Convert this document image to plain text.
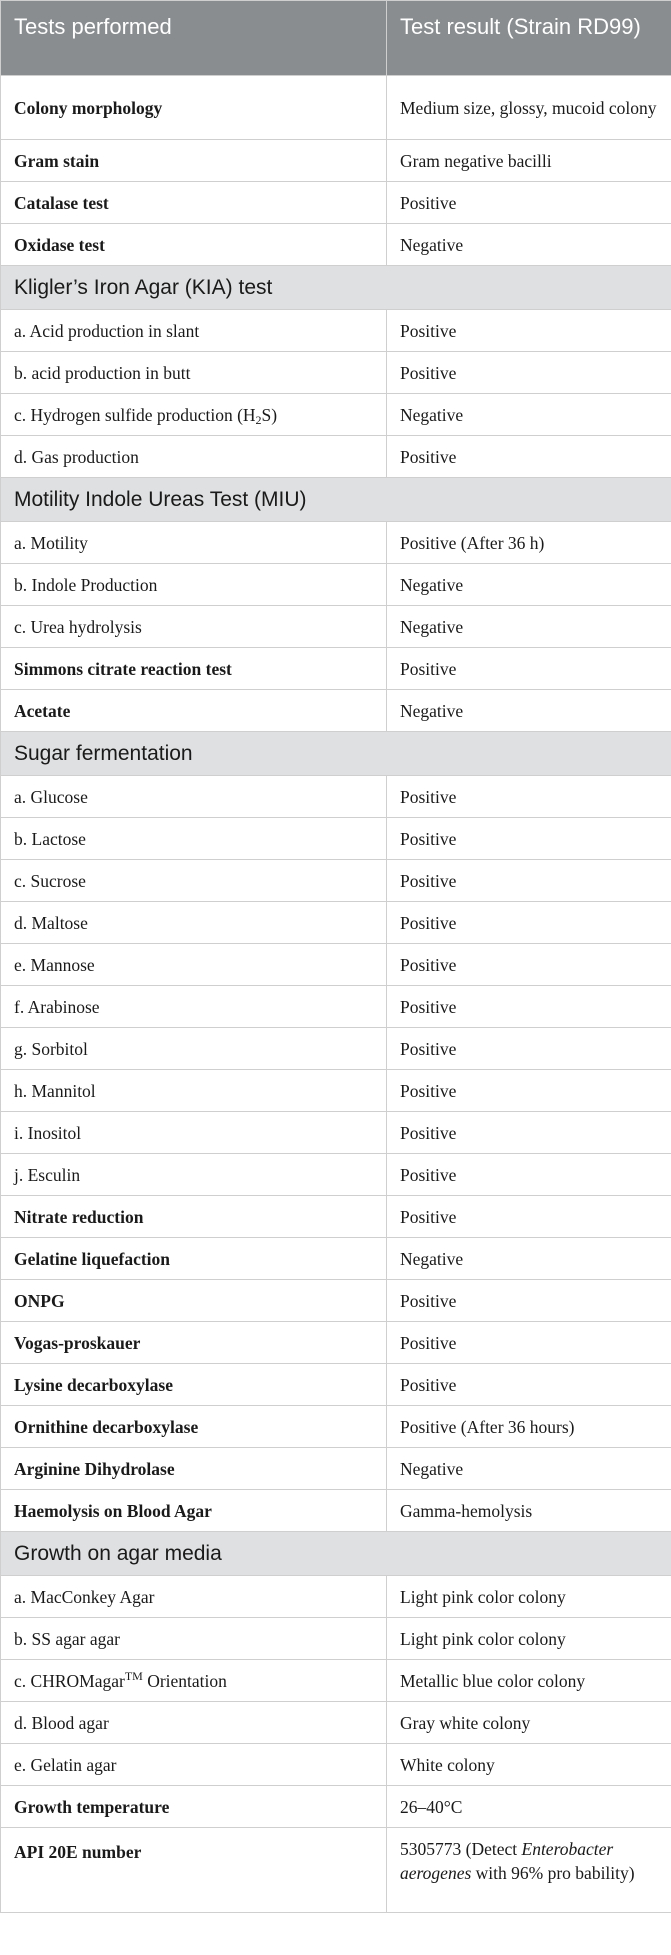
Tests performed	Test result (Strain RD99)
Colony morphology	Medium size, glossy, mucoid colony
Gram stain	Gram negative bacilli
Catalase test	Positive
Oxidase test	Negative
Kligler’s Iron Agar (KIA) test	
a. Acid production in slant	Positive
b. acid production in butt	Positive
c. Hydrogen sulfide production $(H_2S)$	Negative
d. Gas production	Positive
Motility Indole Ureas Test (MIU)	
a. Motility	Positive (After 36 h)
b. Indole Production	Negative
c. Urea hydrolysis	Negative
Simmons citrate reaction test	Positive
Acetate	Negative
Sugar fermentation	
a. Glucose	Positive
b. Lactose	Positive
c. Sucrose	Positive
d. Maltose	Positive
e. Mannose	Positive
f. Arabinose	Positive
g. Sorbitol	Positive
h. Mannitol	Positive
i. Inositol	Positive
j. Esculin	Positive
Nitrate reduction	Positive
Gelatine liquefaction	Negative
ONPG	Positive
Vogas-proskauer	Positive
Lysine decarboxylase	Positive
Ornithine decarboxylase	Positive (After 36 hours)
Arginine Dihydrolase	Negative
Haemolysis on Blood Agar	Gamma-hemolysis
Growth on agar media	
a. MacConkey Agar	Light pink color colony
b. SS agar agar	Light pink color colony
c. CHROMagar™ Orientation	Metallic blue color colony
d. Blood agar	Gray white colony
e. Gelatin agar	White colony
Growth temperature	26–40°C
API 20E number	5305773 (Detect Enterobacter aerogenes with 96% pro bability)
